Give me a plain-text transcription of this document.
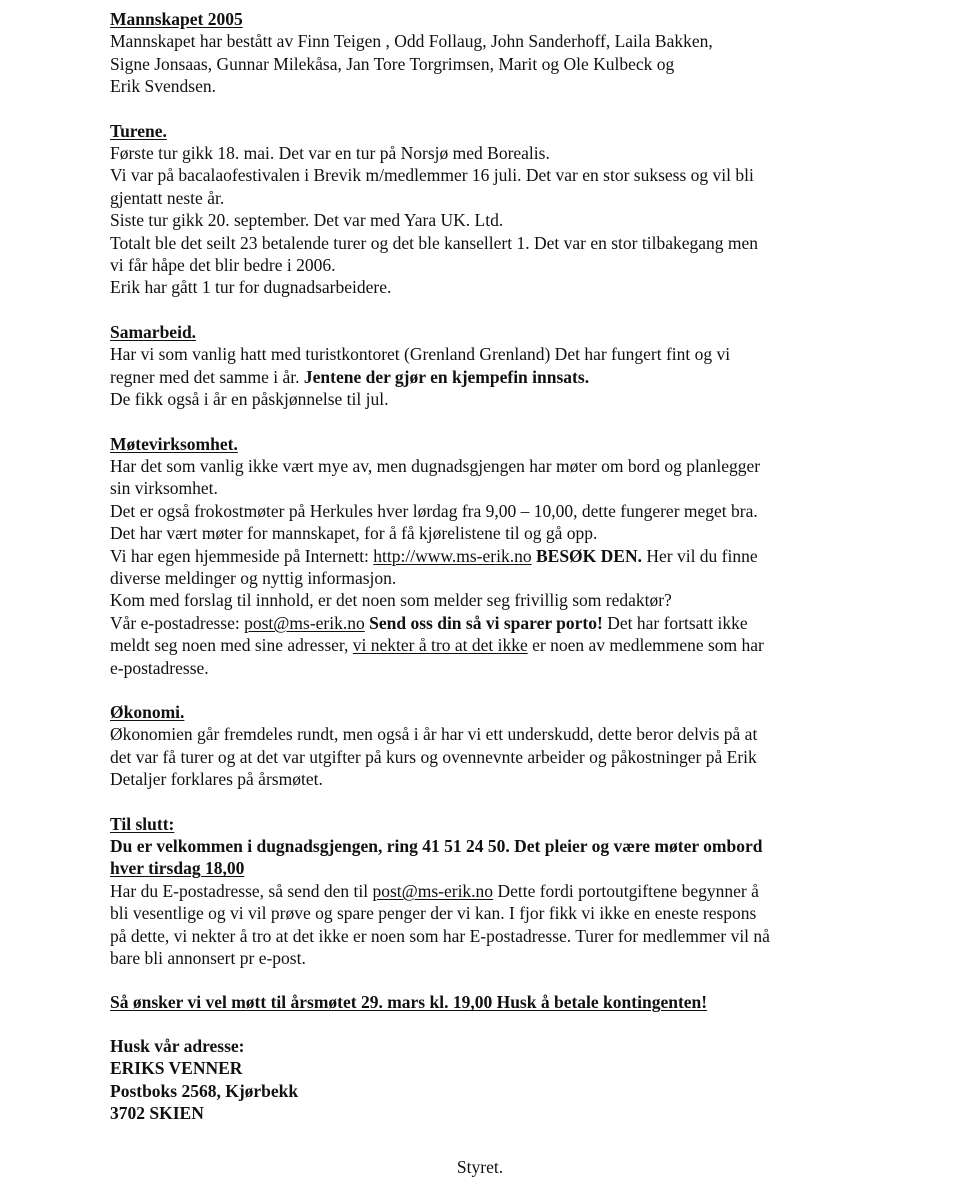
Mannskapet 2005

Mannskapet har bestått av Finn Teigen , Odd Follaug, John Sanderhoff, Laila Bakken,

Signe Jonsaas, Gunnar Milekåsa, Jan Tore Torgrimsen, Marit og Ole Kulbeck og

Erik Svendsen.

Turene.

Første tur gikk 18. mai. Det var en tur på Norsjø med Borealis.

Vi var på bacalaofestivalen i Brevik m/medlemmer 16 juli. Det var en stor suksess og vil bli

gjentatt neste år.

Siste tur gikk 20. september. Det var med Yara UK. Ltd.

Totalt ble det seilt 23 betalende turer og det ble kansellert 1. Det var en stor tilbakegang men

vi får håpe det blir bedre i 2006.

Erik har gått 1 tur for dugnadsarbeidere.

Samarbeid.

Har vi som vanlig hatt med turistkontoret (Grenland Grenland) Det har fungert fint og vi

regner med det samme i år. Jentene der gjør en kjempefin innsats.

De fikk også i år en påskjønnelse til jul.

Møtevirksomhet.

Har det som vanlig ikke vært mye av, men dugnadsgjengen har møter om bord og planlegger

sin virksomhet.

Det er også frokostmøter på Herkules hver lørdag fra 9,00 – 10,00, dette fungerer meget bra.

Det har vært møter for mannskapet, for å få kjørelistene til og gå opp.

Vi har egen hjemmeside på Internett: http://www.ms-erik.no BESØK DEN. Her vil du finne

diverse meldinger og nyttig informasjon.

Kom med forslag til innhold, er det noen som melder seg frivillig som redaktør?

Vår e-postadresse: post@ms-erik.no Send oss din så vi sparer porto! Det har fortsatt ikke

meldt seg noen med sine adresser, vi nekter å tro at det ikke er noen av medlemmene som har

e-postadresse.

Økonomi.

Økonomien går fremdeles rundt, men også i år har vi ett underskudd, dette beror delvis på at

det var få turer og at det var utgifter på kurs og ovennevnte arbeider og påkostninger på Erik

Detaljer forklares på årsmøtet.

Til slutt:

Du er velkommen i dugnadsgjengen, ring 41 51 24 50. Det pleier og være møter ombord

hver tirsdag 18,00

Har du E-postadresse, så send den til post@ms-erik.no Dette fordi portoutgiftene begynner å

bli vesentlige og vi vil prøve og spare penger der vi kan. I fjor fikk vi ikke en eneste respons

på dette, vi nekter å tro at det ikke er noen som har E-postadresse. Turer for medlemmer vil nå

bare bli annonsert pr e-post.

Så ønsker vi vel møtt til årsmøtet 29. mars kl. 19,00 Husk å betale kontingenten!

Husk vår adresse:

ERIKS VENNER

Postboks 2568, Kjørbekk

3702 SKIEN

Styret.
